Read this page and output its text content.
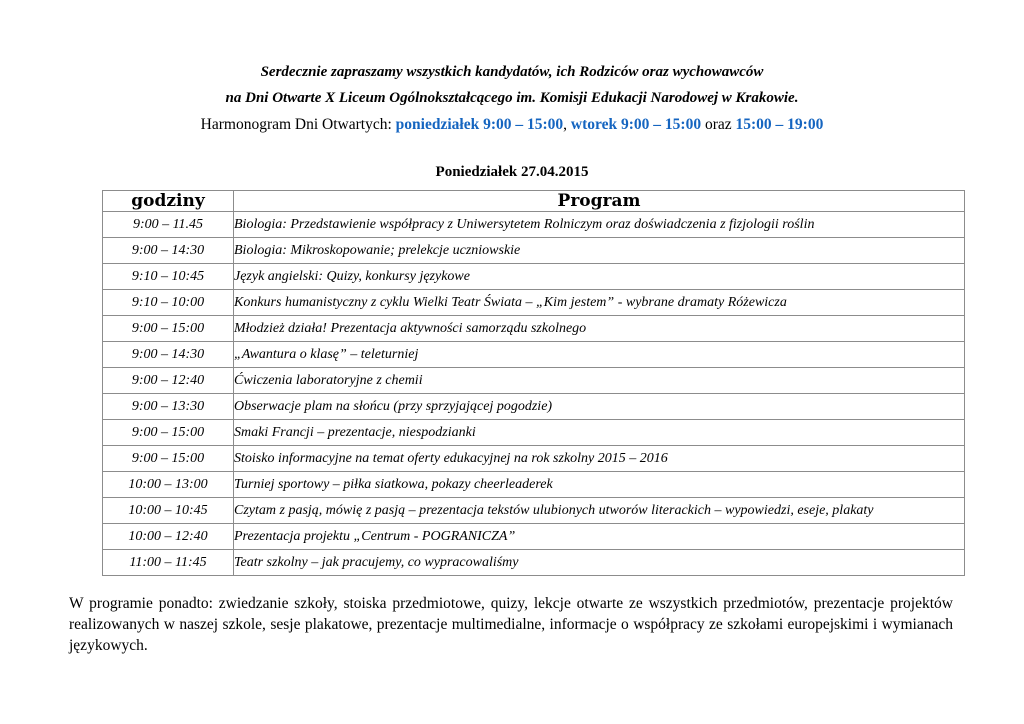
Serdecznie zapraszamy wszystkich kandydatów, ich Rodziców oraz wychowawców
na Dni Otwarte X Liceum Ogólnokształcącego im. Komisji Edukacji Narodowej w Krakowie.
Harmonogram Dni Otwartych: poniedziałek 9:00 – 15:00, wtorek 9:00 – 15:00 oraz 15:00 – 19:00
Poniedziałek 27.04.2015
godziny	Program
9:00 – 11.45	Biologia: Przedstawienie współpracy z Uniwersytetem Rolniczym oraz doświadczenia z fizjologii roślin
9:00 – 14:30	Biologia: Mikroskopowanie; prelekcje uczniowskie
9:10 – 10:45	Język angielski: Quizy, konkursy językowe
9:10 – 10:00	Konkurs humanistyczny z cyklu Wielki Teatr Świata – „Kim jestem” - wybrane dramaty Różewicza
9:00 – 15:00	Młodzież działa! Prezentacja aktywności samorządu szkolnego
9:00 – 14:30	„Awantura o klasę” – teleturniej
9:00 – 12:40	Ćwiczenia laboratoryjne z chemii
9:00 – 13:30	Obserwacje plam na słońcu (przy sprzyjającej pogodzie)
9:00 – 15:00	Smaki Francji – prezentacje, niespodzianki
9:00 – 15:00	Stoisko informacyjne na temat oferty edukacyjnej na rok szkolny 2015 – 2016
10:00 – 13:00	Turniej sportowy – piłka siatkowa, pokazy cheerleaderek
10:00 – 10:45	Czytam z pasją, mówię z pasją – prezentacja tekstów ulubionych utworów literackich – wypowiedzi, eseje, plakaty
10:00 – 12:40	Prezentacja projektu „Centrum - POGRANICZA”
11:00 – 11:45	Teatr szkolny – jak pracujemy, co wypracowaliśmy
W programie ponadto: zwiedzanie szkoły, stoiska przedmiotowe, quizy, lekcje otwarte ze wszystkich przedmiotów, prezentacje projektów realizowanych w naszej szkole, sesje plakatowe, prezentacje multimedialne, informacje o współpracy ze szkołami europejskimi i wymianach językowych.
